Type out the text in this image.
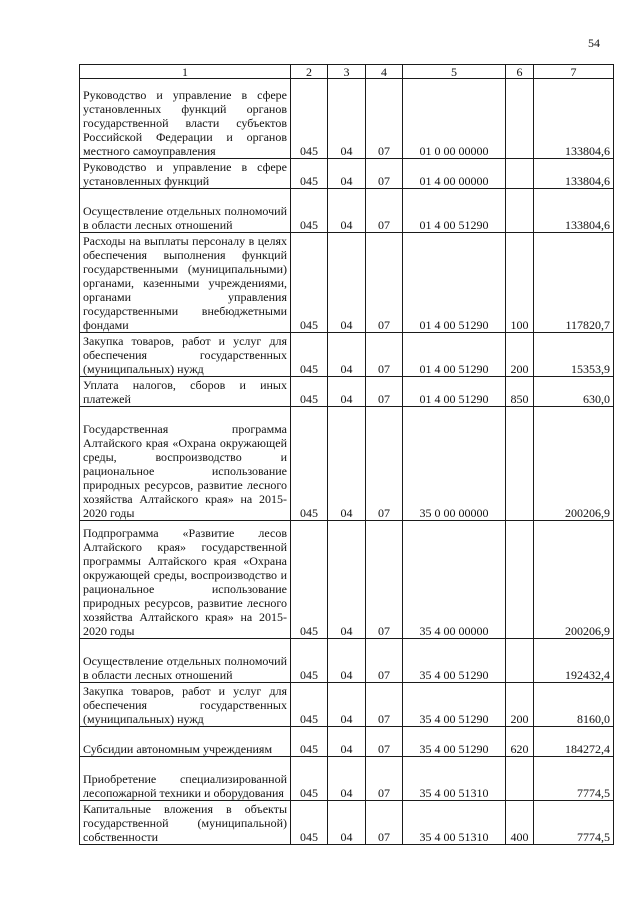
54
1	2	3	4	5	6	7
Руководство и управление в сфере установленных функций органов государственной власти субъектов Российской Федерации и органов местного самоуправления	045	04	07	01 0 00 00000		133804,6
Руководство и управление в сфере установленных функций	045	04	07	01 4 00 00000		133804,6
Осуществление отдельных полномочий в области лесных отношений	045	04	07	01 4 00 51290		133804,6
Расходы на выплаты персоналу в целях обеспечения выполнения функций государственными (муниципальными) органами, казенными учреждениями, органами управления государственными внебюджетными фондами	045	04	07	01 4 00 51290	100	117820,7
Закупка товаров, работ и услуг для обеспечения государственных (муниципальных) нужд	045	04	07	01 4 00 51290	200	15353,9
Уплата налогов, сборов и иных платежей	045	04	07	01 4 00 51290	850	630,0
Государственная программа Алтайского края «Охрана окружающей среды, воспроизводство и рациональное использование природных ресурсов, развитие лесного хозяйства Алтайского края» на 2015-2020 годы	045	04	07	35 0 00 00000		200206,9
Подпрограмма «Развитие лесов Алтайского края» государственной программы Алтайского края «Охрана окружающей среды, воспроизводство и рациональное использование природных ресурсов, развитие лесного хозяйства Алтайского края» на 2015-2020 годы	045	04	07	35 4 00 00000		200206,9
Осуществление отдельных полномочий в области лесных отношений	045	04	07	35 4 00 51290		192432,4
Закупка товаров, работ и услуг для обеспечения государственных (муниципальных) нужд	045	04	07	35 4 00 51290	200	8160,0
Субсидии автономным учреждениям	045	04	07	35 4 00 51290	620	184272,4
Приобретение специализированной лесопожарной техники и оборудования	045	04	07	35 4 00 51310		7774,5
Капитальные вложения в объекты государственной (муниципальной) собственности	045	04	07	35 4 00 51310	400	7774,5
